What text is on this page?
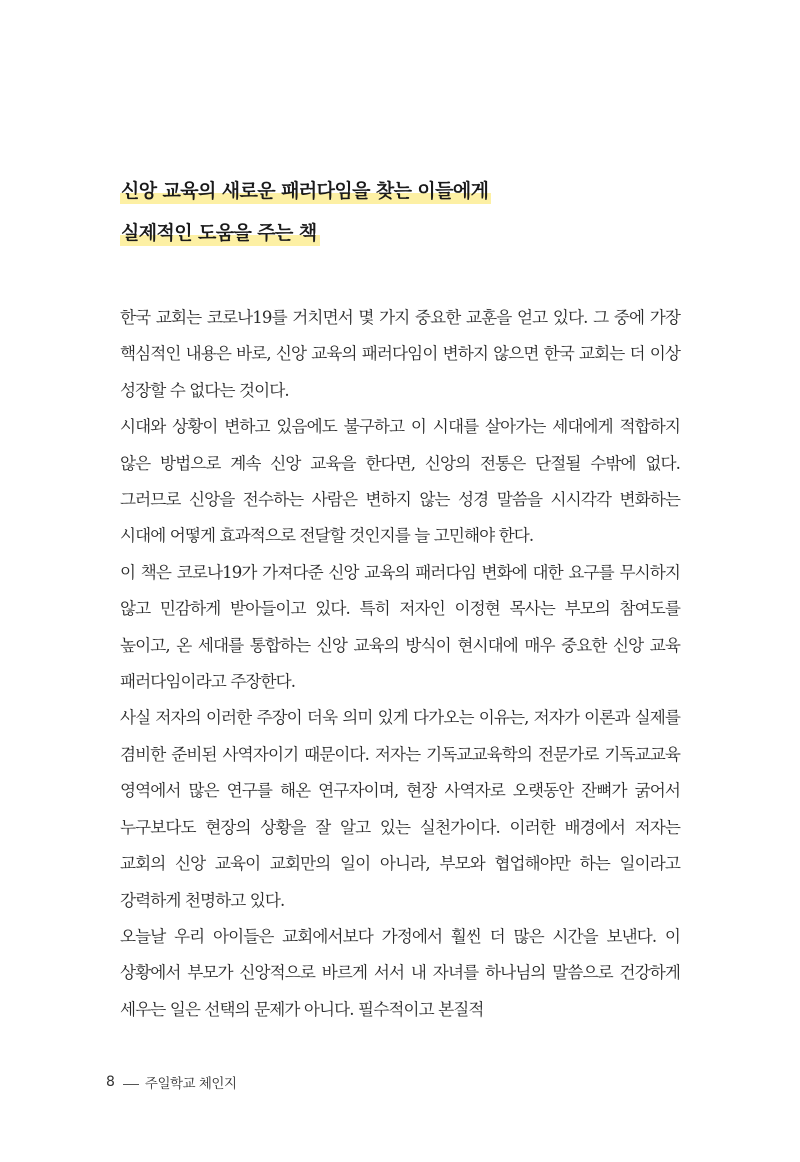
신앙 교육의 새로운 패러다임을 찾는 이들에게
실제적인 도움을 주는 책

한국 교회는 코로나19를 거치면서 몇 가지 중요한 교훈을 얻고 있다. 그 중에 가장 핵심적인 내용은 바로, 신앙 교육의 패러다임이 변하지 않으면 한국 교회는 더 이상 성장할 수 없다는 것이다.

시대와 상황이 변하고 있음에도 불구하고 이 시대를 살아가는 세대에게 적합하지 않은 방법으로 계속 신앙 교육을 한다면, 신앙의 전통은 단절될 수밖에 없다. 그러므로 신앙을 전수하는 사람은 변하지 않는 성경 말씀을 시시각각 변화하는 시대에 어떻게 효과적으로 전달할 것인지를 늘 고민해야 한다.

이 책은 코로나19가 가져다준 신앙 교육의 패러다임 변화에 대한 요구를 무시하지 않고 민감하게 받아들이고 있다. 특히 저자인 이정현 목사는 부모의 참여도를 높이고, 온 세대를 통합하는 신앙 교육의 방식이 현시대에 매우 중요한 신앙 교육 패러다임이라고 주장한다.

사실 저자의 이러한 주장이 더욱 의미 있게 다가오는 이유는, 저자가 이론과 실제를 겸비한 준비된 사역자이기 때문이다. 저자는 기독교교육학의 전문가로 기독교교육 영역에서 많은 연구를 해온 연구자이며, 현장 사역자로 오랫동안 잔뼈가 굵어서 누구보다도 현장의 상황을 잘 알고 있는 실천가이다. 이러한 배경에서 저자는 교회의 신앙 교육이 교회만의 일이 아니라, 부모와 협업해야만 하는 일이라고 강력하게 천명하고 있다.

오늘날 우리 아이들은 교회에서보다 가정에서 훨씬 더 많은 시간을 보낸다. 이 상황에서 부모가 신앙적으로 바르게 서서 내 자녀를 하나님의 말씀으로 건강하게 세우는 일은 선택의 문제가 아니다. 필수적이고 본질적

8 주일학교 체인지
